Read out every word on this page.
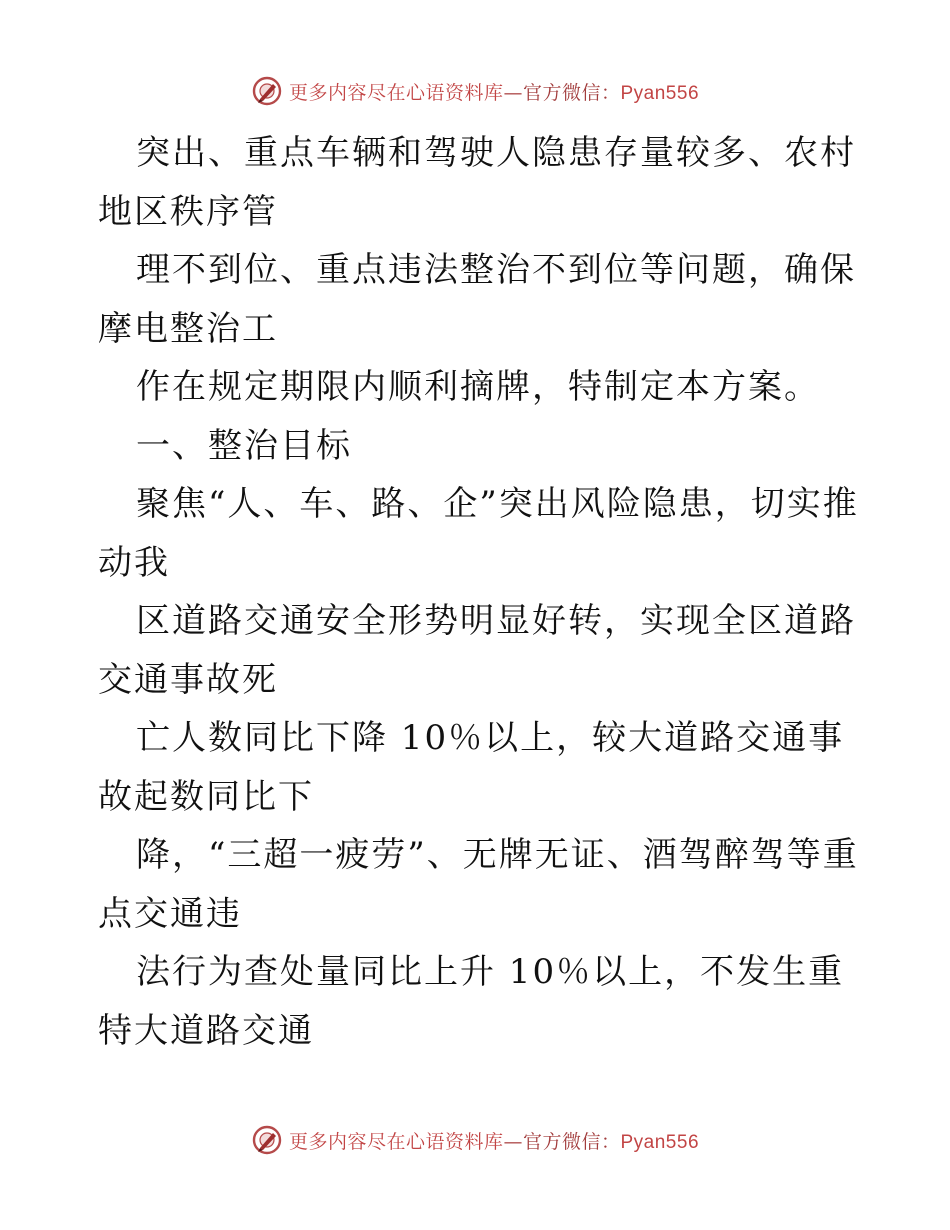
更多内容尽在心语资料库—官方微信：Pyan556

突出、重点车辆和驾驶人隐患存量较多、农村地区秩序管

理不到位、重点违法整治不到位等问题，确保摩电整治工

作在规定期限内顺利摘牌，特制定本方案。

一、整治目标

聚焦“人、车、路、企”突出风险隐患，切实推动我

区道路交通安全形势明显好转，实现全区道路交通事故死

亡人数同比下降 10％以上，较大道路交通事故起数同比下

降，“三超一疲劳”、无牌无证、酒驾醉驾等重点交通违

法行为查处量同比上升 10％以上，不发生重特大道路交通

更多内容尽在心语资料库—官方微信：Pyan556
